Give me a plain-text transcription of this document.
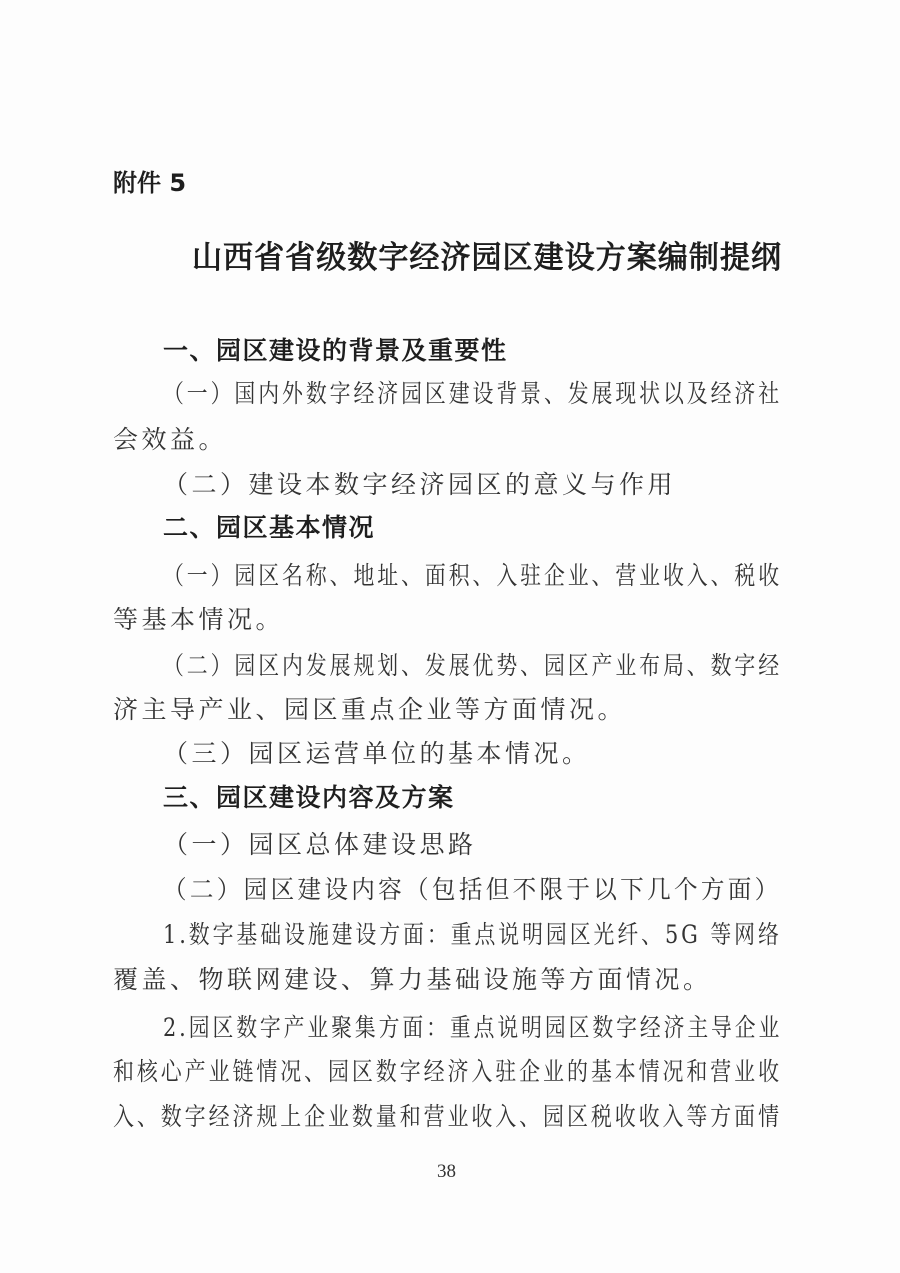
附件 5

山西省省级数字经济园区建设方案编制提纲

一、园区建设的背景及重要性

（一）国内外数字经济园区建设背景、发展现状以及经济社

会效益。

（二）建设本数字经济园区的意义与作用

二、园区基本情况

（一）园区名称、地址、面积、入驻企业、营业收入、税收

等基本情况。

（二）园区内发展规划、发展优势、园区产业布局、数字经

济主导产业、园区重点企业等方面情况。

（三）园区运营单位的基本情况。

三、园区建设内容及方案

（一）园区总体建设思路

（二）园区建设内容（包括但不限于以下几个方面）

1.数字基础设施建设方面：重点说明园区光纤、5G 等网络

覆盖、物联网建设、算力基础设施等方面情况。

2.园区数字产业聚集方面：重点说明园区数字经济主导企业

和核心产业链情况、园区数字经济入驻企业的基本情况和营业收

入、数字经济规上企业数量和营业收入、园区税收收入等方面情

38
